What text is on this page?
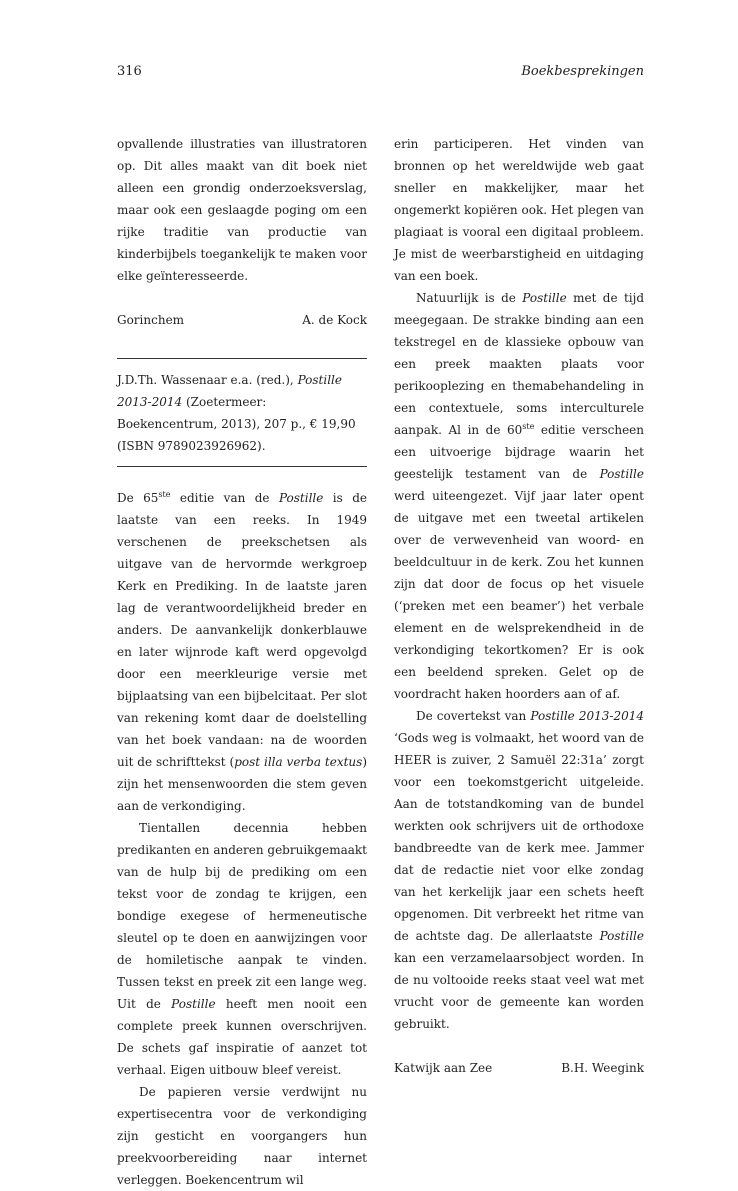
316	Boekbesprekingen

opvallende illustraties van illustratoren op. Dit alles maakt van dit boek niet alleen een grondig onderzoeksverslag, maar ook een geslaagde poging om een rijke traditie van productie van kinderbijbels toegankelijk te maken voor elke geïnteresseerde.

Gorinchem	A. de Kock
J.D.Th. Wassenaar e.a. (red.), Postille 2013-2014 (Zoetermeer: Boekencentrum, 2013), 207 p., € 19,90 (ISBN 9789023926962).

De 65ste editie van de Postille is de laatste van een reeks. In 1949 verschenen de preekschetsen als uitgave van de hervormde werkgroep Kerk en Prediking. In de laatste jaren lag de verantwoordelijkheid breder en anders. De aanvankelijk donkerblauwe en later wijnrode kaft werd opgevolgd door een meerkleurige versie met bijplaatsing van een bijbelcitaat. Per slot van rekening komt daar de doelstelling van het boek vandaan: na de woorden uit de schrifttekst (post illa verba textus) zijn het mensenwoorden die stem geven aan de verkondiging.

Tientallen decennia hebben predikanten en anderen gebruikgemaakt van de hulp bij de prediking om een tekst voor de zondag te krijgen, een bondige exegese of hermeneutische sleutel op te doen en aanwijzingen voor de homiletische aanpak te vinden. Tussen tekst en preek zit een lange weg. Uit de Postille heeft men nooit een complete preek kunnen overschrijven. De schets gaf inspiratie of aanzet tot verhaal. Eigen uitbouw bleef vereist.

De papieren versie verdwijnt nu expertisecentra voor de verkondiging zijn gesticht en voorgangers hun preekvoorbereiding naar internet verleggen. Boekencentrum wil

erin participeren. Het vinden van bronnen op het wereldwijde web gaat sneller en makkelijker, maar het ongemerkt kopiëren ook. Het plegen van plagiaat is vooral een digitaal probleem. Je mist de weerbarstigheid en uitdaging van een boek.

Natuurlijk is de Postille met de tijd meegegaan. De strakke binding aan een tekstregel en de klassieke opbouw van een preek maakten plaats voor perikooplezing en themabehandeling in een contextuele, soms interculturele aanpak. Al in de 60ste editie verscheen een uitvoerige bijdrage waarin het geestelijk testament van de Postille werd uiteengezet. Vijf jaar later opent de uitgave met een tweetal artikelen over de verwevenheid van woord- en beeldcultuur in de kerk. Zou het kunnen zijn dat door de focus op het visuele (‘preken met een beamer’) het verbale element en de welsprekendheid in de verkondiging tekortkomen? Er is ook een beeldend spreken. Gelet op de voordracht haken hoorders aan of af.

De covertekst van Postille 2013-2014 ‘Gods weg is volmaakt, het woord van de HEER is zuiver, 2 Samuël 22:31a’ zorgt voor een toekomstgericht uitgeleide. Aan de totstandkoming van de bundel werkten ook schrijvers uit de orthodoxe bandbreedte van de kerk mee. Jammer dat de redactie niet voor elke zondag van het kerkelijk jaar een schets heeft opgenomen. Dit verbreekt het ritme van de achtste dag. De allerlaatste Postille kan een verzamelaarsobject worden. In de nu voltooide reeks staat veel wat met vrucht voor de gemeente kan worden gebruikt.

Katwijk aan Zee	B.H. Weegink
